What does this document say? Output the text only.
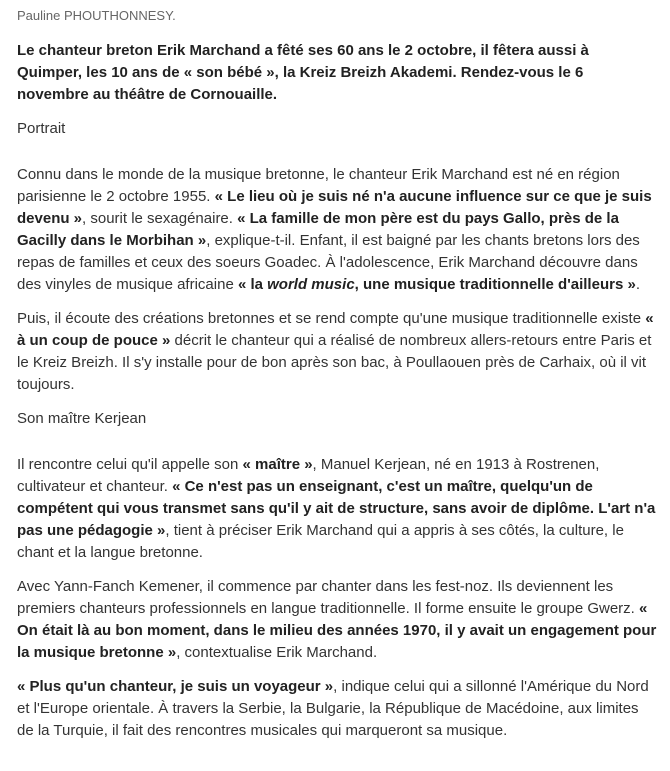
Pauline PHOUTHONNESY.
Le chanteur breton Erik Marchand a fêté ses 60 ans le 2 octobre, il fêtera aussi à Quimper, les 10 ans de « son bébé », la Kreiz Breizh Akademi. Rendez-vous le 6 novembre au théâtre de Cornouaille.
Portrait

Connu dans le monde de la musique bretonne, le chanteur Erik Marchand est né en région parisienne le 2 octobre 1955. « Le lieu où je suis né n'a aucune influence sur ce que je suis devenu », sourit le sexagénaire. « La famille de mon père est du pays Gallo, près de la Gacilly dans le Morbihan », explique-t-il. Enfant, il est baigné par les chants bretons lors des repas de familles et ceux des soeurs Goadec. À l'adolescence, Erik Marchand découvre dans des vinyles de musique africaine « la world music, une musique traditionnelle d'ailleurs ».

Puis, il écoute des créations bretonnes et se rend compte qu'une musique traditionnelle existe « à un coup de pouce » décrit le chanteur qui a réalisé de nombreux allers-retours entre Paris et le Kreiz Breizh. Il s'y installe pour de bon après son bac, à Poullaouen près de Carhaix, où il vit toujours.

Son maître Kerjean

Il rencontre celui qu'il appelle son « maître », Manuel Kerjean, né en 1913 à Rostrenen, cultivateur et chanteur. « Ce n'est pas un enseignant, c'est un maître, quelqu'un de compétent qui vous transmet sans qu'il y ait de structure, sans avoir de diplôme. L'art n'a pas une pédagogie », tient à préciser Erik Marchand qui a appris à ses côtés, la culture, le chant et la langue bretonne.

Avec Yann-Fanch Kemener, il commence par chanter dans les fest-noz. Ils deviennent les premiers chanteurs professionnels en langue traditionnelle. Il forme ensuite le groupe Gwerz. « On était là au bon moment, dans le milieu des années 1970, il y avait un engagement pour la musique bretonne », contextualise Erik Marchand.

« Plus qu'un chanteur, je suis un voyageur », indique celui qui a sillonné l'Amérique du Nord et l'Europe orientale. À travers la Serbie, la Bulgarie, la République de Macédoine, aux limites de la Turquie, il fait des rencontres musicales qui marqueront sa musique.
